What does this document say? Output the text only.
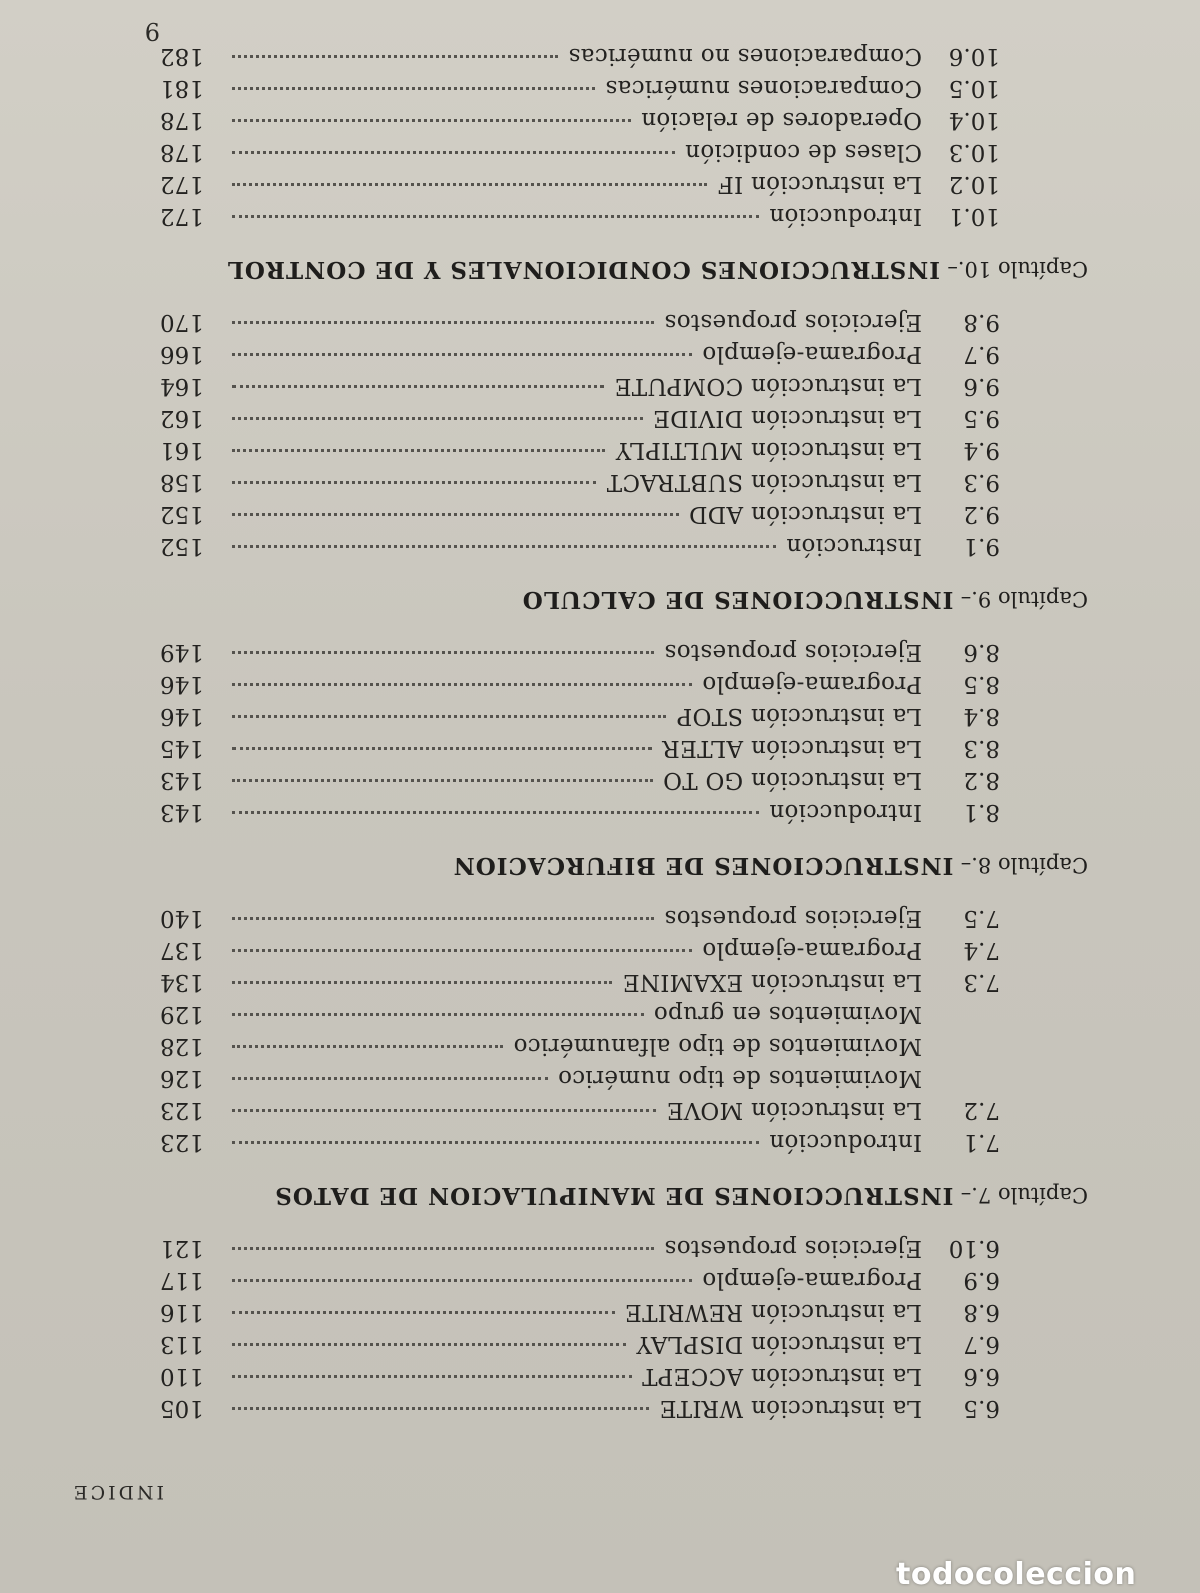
INDICE
6.5
La instrucción WRITE
105
6.6
La instrucción ACCEPT
110
6.7
La instrucción DISPLAY
113
6.8
La instrucción REWRITE
116
6.9
Programa-ejemplo
117
6.10
Ejercicios propuestos
121
Capítulo 7.– INSTRUCCIONES DE MANIPULACION DE DATOS
7.1
Introducción
123
7.2
La instrucción MOVE
123
Movimientos de tipo numérico
126
Movimientos de tipo alfanumérico
128
Movimientos en grupo
129
7.3
La instrucción EXAMINE
134
7.4
Programa-ejemplo
137
7.5
Ejercicios propuestos
140
Capítulo 8.– INSTRUCCIONES DE BIFURCACION
8.1
Introducción
143
8.2
La instrucción GO TO
143
8.3
La instrucción ALTER
145
8.4
La instrucción STOP
146
8.5
Programa-ejemplo
146
8.6
Ejercicios propuestos
149
Capítulo 9.– INSTRUCCIONES DE CALCULO
9.1
Instrucción
152
9.2
La instrucción ADD
152
9.3
La instrucción SUBTRACT
158
9.4
La instrucción MULTIPLY
161
9.5
La instrucción DIVIDE
162
9.6
La instrucción COMPUTE
164
9.7
Programa-ejemplo
166
9.8
Ejercicios propuestos
170
Capítulo 10.– INSTRUCCIONES CONDICIONALES Y DE CONTROL
10.1
Introducción
172
10.2
La instrucción IF
172
10.3
Clases de condición
178
10.4
Operadores de relación
178
10.5
Comparaciones numéricas
181
10.6
Comparaciones no numéricas
182
9
todocoleccion
